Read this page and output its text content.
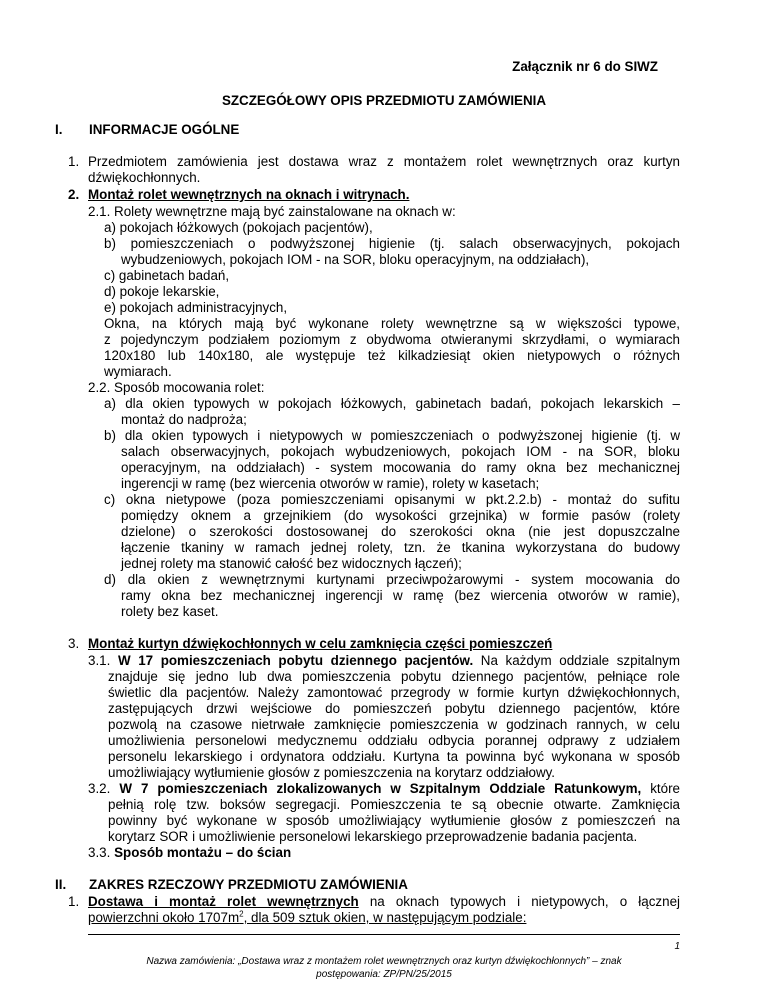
Załącznik nr 6 do SIWZ
SZCZEGÓŁOWY OPIS PRZEDMIOTU ZAMÓWIENIA
I. INFORMACJE OGÓLNE
1. Przedmiotem zamówienia jest dostawa wraz z montażem rolet wewnętrznych oraz kurtyn
dźwiękochłonnych.
2. Montaż rolet wewnętrznych na oknach i witrynach.
2.1. Rolety wewnętrzne mają być zainstalowane na oknach w:
a) pokojach łóżkowych (pokojach pacjentów),
b) pomieszczeniach o podwyższonej higienie (tj. salach obserwacyjnych, pokojach
wybudzeniowych, pokojach IOM - na SOR, bloku operacyjnym, na oddziałach),
c) gabinetach badań,
d) pokoje lekarskie,
e) pokojach administracyjnych,
Okna, na których mają być wykonane rolety wewnętrzne są w większości typowe,
z pojedynczym podziałem poziomym z obydwoma otwieranymi skrzydłami, o wymiarach
120x180 lub 140x180, ale występuje też kilkadziesiąt okien nietypowych o różnych
wymiarach.
2.2. Sposób mocowania rolet:
a) dla okien typowych w pokojach łóżkowych, gabinetach badań, pokojach lekarskich –
montaż do nadproża;
b) dla okien typowych i nietypowych w pomieszczeniach o podwyższonej higienie (tj. w
salach obserwacyjnych, pokojach wybudzeniowych, pokojach IOM - na SOR, bloku
operacyjnym, na oddziałach) - system mocowania do ramy okna bez mechanicznej
ingerencji w ramę (bez wiercenia otworów w ramie), rolety w kasetach;
c) okna nietypowe (poza pomieszczeniami opisanymi w pkt.2.2.b) - montaż do sufitu
pomiędzy oknem a grzejnikiem (do wysokości grzejnika) w formie pasów (rolety
dzielone) o szerokości dostosowanej do szerokości okna (nie jest dopuszczalne
łączenie tkaniny w ramach jednej rolety, tzn. że tkanina wykorzystana do budowy
jednej rolety ma stanowić całość bez widocznych łączeń);
d) dla okien z wewnętrznymi kurtynami przeciwpożarowymi - system mocowania do
ramy okna bez mechanicznej ingerencji w ramę (bez wiercenia otworów w ramie),
rolety bez kaset.
3. Montaż kurtyn dźwiękochłonnych w celu zamknięcia części pomieszczeń
3.1. W 17 pomieszczeniach pobytu dziennego pacjentów. Na każdym oddziale szpitalnym
znajduje się jedno lub dwa pomieszczenia pobytu dziennego pacjentów, pełniące role
świetlic dla pacjentów. Należy zamontować przegrody w formie kurtyn dźwiękochłonnych,
zastępujących drzwi wejściowe do pomieszczeń pobytu dziennego pacjentów, które
pozwolą na czasowe nietrwałe zamknięcie pomieszczenia w godzinach rannych, w celu
umożliwienia personelowi medycznemu oddziału odbycia porannej odprawy z udziałem
personelu lekarskiego i ordynatora oddziału. Kurtyna ta powinna być wykonana w sposób
umożliwiający wytłumienie głosów z pomieszczenia na korytarz oddziałowy.
3.2. W 7 pomieszczeniach zlokalizowanych w Szpitalnym Oddziale Ratunkowym, które
pełnią rolę tzw. boksów segregacji. Pomieszczenia te są obecnie otwarte. Zamknięcia
powinny być wykonane w sposób umożliwiający wytłumienie głosów z pomieszczeń na
korytarz SOR i umożliwienie personelowi lekarskiego przeprowadzenie badania pacjenta.
3.3. Sposób montażu – do ścian
II. ZAKRES RZECZOWY PRZEDMIOTU ZAMÓWIENIA
1. Dostawa i montaż rolet wewnętrznych na oknach typowych i nietypowych, o łącznej
powierzchni około $1707m^2$, dla 509 sztuk okien, w następującym podziale:
1
Nazwa zamówienia: „Dostawa wraz z montażem rolet wewnętrznych oraz kurtyn dźwiękochłonnych” – znak
postępowania: ZP/PN/25/2015
